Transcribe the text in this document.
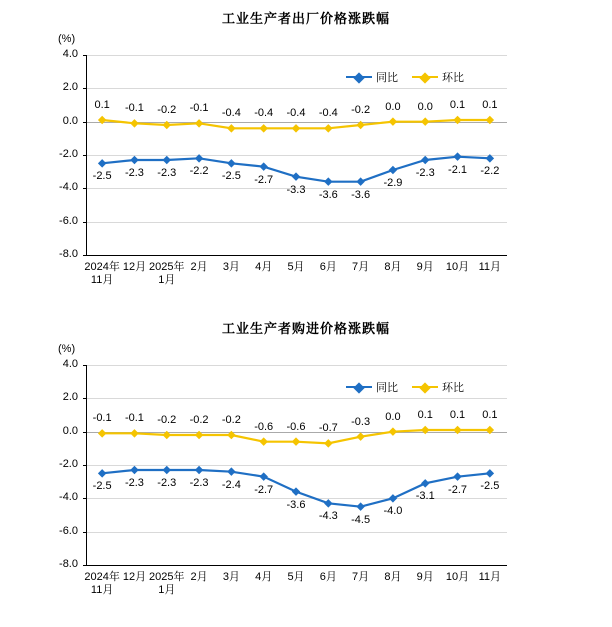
工业生产者出厂价格涨跌幅
(%)
4.0
2.0
0.0
-2.0
-4.0
-6.0
-8.0
2024年
11月
12月 2025年
1月
2月	3月	4月	5月	6月	7月	8月	9月	10月 11月
-2.5 -2.3 -2.3 -2.2 -2.5 -2.7
-3.3 -3.6 -3.6
-2.9
-2.3 -2.1 -2.2
0.1 -0.1 -0.2 -0.1 -0.4 -0.4 -0.4 -0.4 -0.2 0.0 0.0 0.1 0.1
同比	环比
工业生产者购进价格涨跌幅
(%)
4.0
2.0
0.0
-2.0
-4.0
-6.0
-8.0
2024年
11月
12月 2025年
1月
2月	3月	4月	5月	6月	7月	8月	9月	10月 11月
-2.5 -2.3 -2.3 -2.3 -2.4 -2.7
-3.6
-4.3 -4.5
-4.0
-3.1
-2.7 -2.5
-0.1 -0.1 -0.2 -0.2 -0.2
-0.6 -0.6 -0.7
-0.3 0.0 0.1 0.1 0.1
同比	环比
